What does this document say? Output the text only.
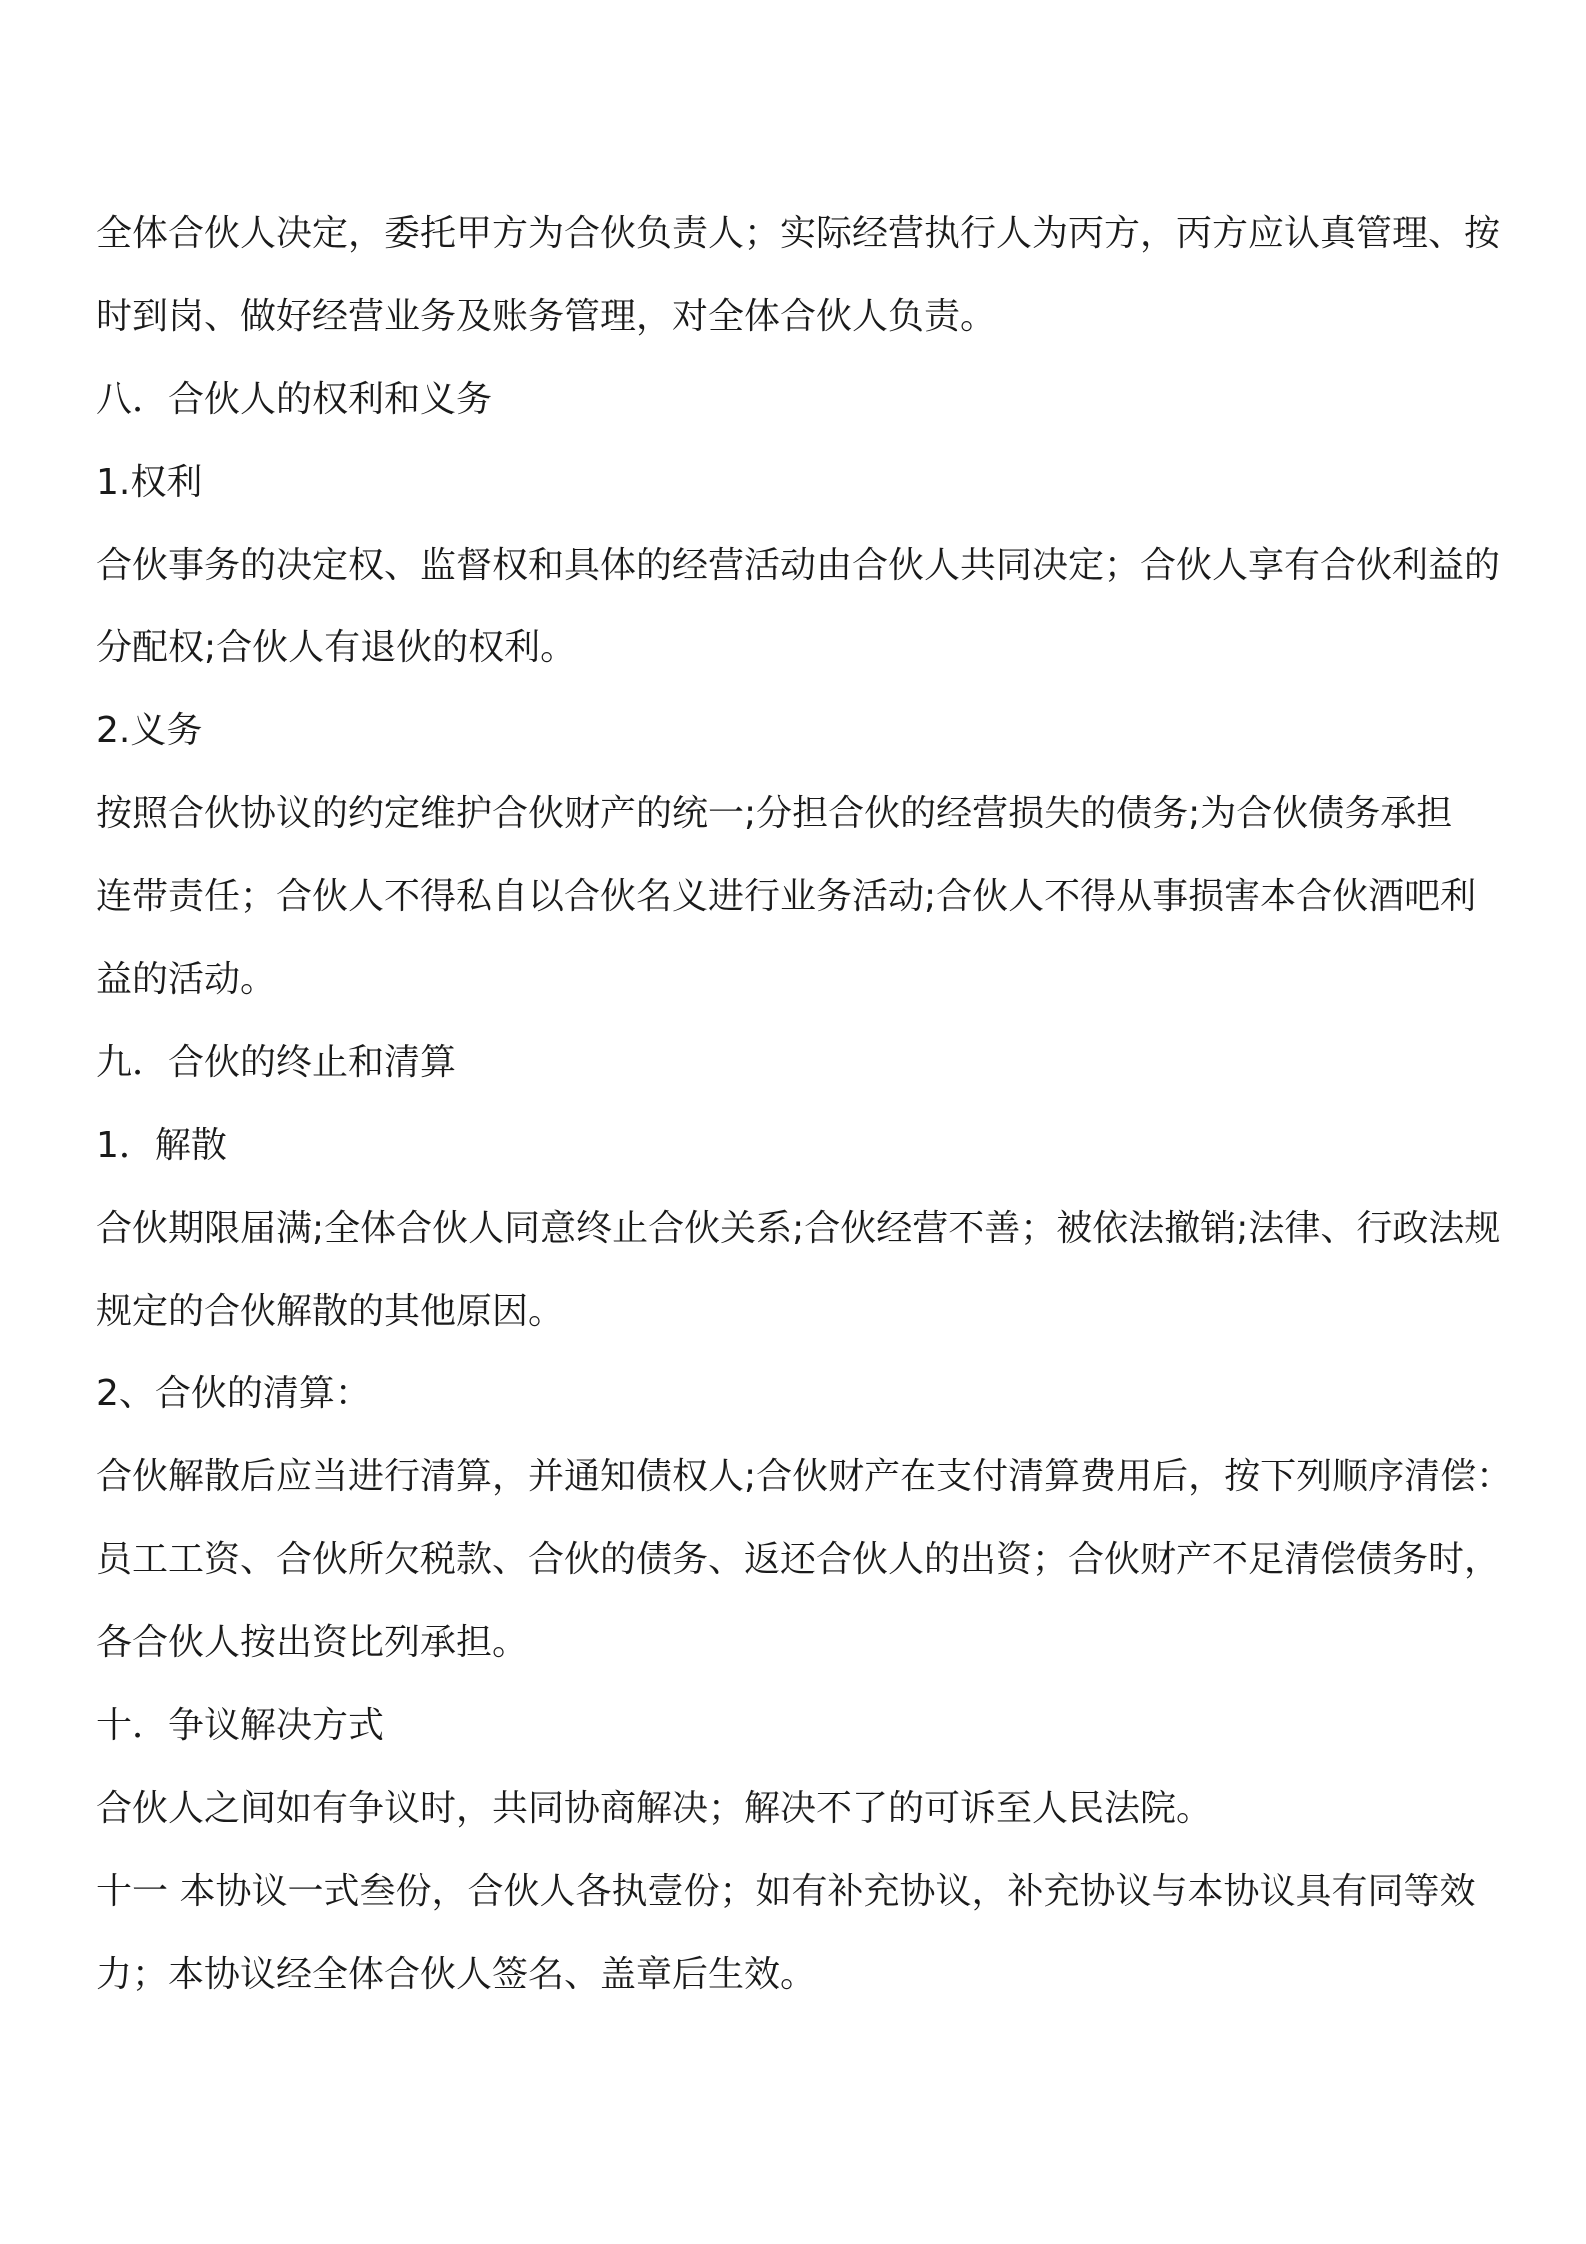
全体合伙人决定，委托甲方为合伙负责人；实际经营执行人为丙方，丙方应认真管理、按
时到岗、做好经营业务及账务管理，对全体合伙人负责。
八．合伙人的权利和义务
1.权利
合伙事务的决定权、监督权和具体的经营活动由合伙人共同决定；合伙人享有合伙利益的
分配权;合伙人有退伙的权利。
2.义务
按照合伙协议的约定维护合伙财产的统一;分担合伙的经营损失的债务;为合伙债务承担
连带责任；合伙人不得私自以合伙名义进行业务活动;合伙人不得从事损害本合伙酒吧利
益的活动。
九．合伙的终止和清算
1．解散
合伙期限届满;全体合伙人同意终止合伙关系;合伙经营不善；被依法撤销;法律、行政法规
规定的合伙解散的其他原因。
2、合伙的清算：
合伙解散后应当进行清算，并通知债权人;合伙财产在支付清算费用后，按下列顺序清偿：
员工工资、合伙所欠税款、合伙的债务、返还合伙人的出资；合伙财产不足清偿债务时，
各合伙人按出资比列承担。
十．争议解决方式
合伙人之间如有争议时，共同协商解决；解决不了的可诉至人民法院。
十一 本协议一式叁份，合伙人各执壹份；如有补充协议，补充协议与本协议具有同等效
力；本协议经全体合伙人签名、盖章后生效。
